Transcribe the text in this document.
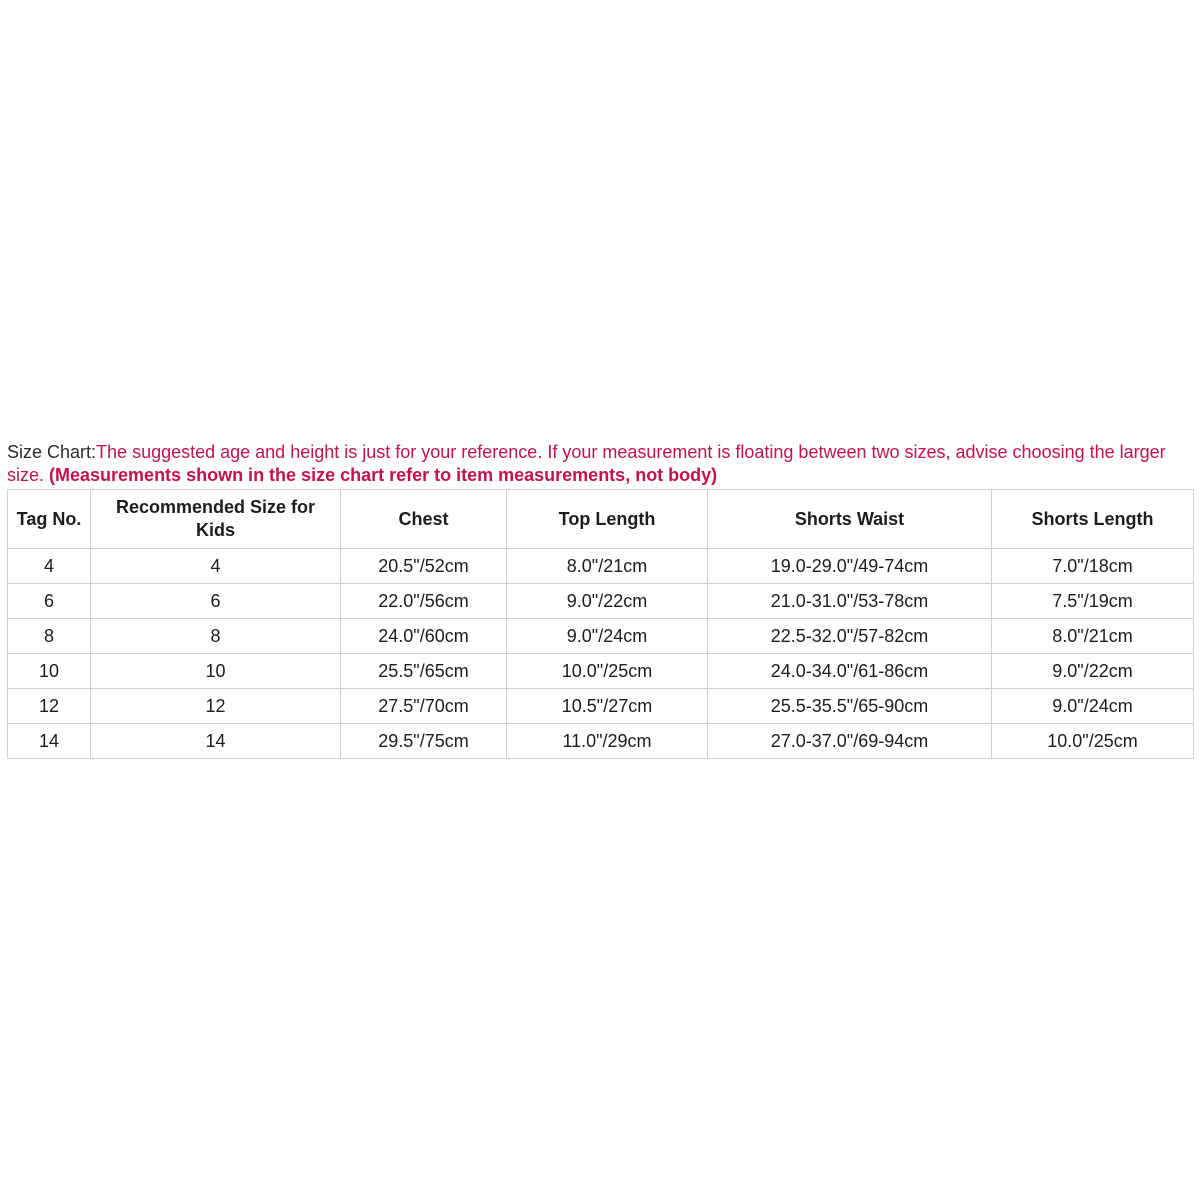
Size Chart:The suggested age and height is just for your reference. If your measurement is floating between two sizes, advise choosing the larger size. (Measurements shown in the size chart refer to item measurements, not body)

Tag No.	Recommended Size for Kids	Chest	Top Length	Shorts Waist	Shorts Length
4	4	20.5"/52cm	8.0"/21cm	19.0-29.0"/49-74cm	7.0"/18cm
6	6	22.0"/56cm	9.0"/22cm	21.0-31.0"/53-78cm	7.5"/19cm
8	8	24.0"/60cm	9.0"/24cm	22.5-32.0"/57-82cm	8.0"/21cm
10	10	25.5"/65cm	10.0"/25cm	24.0-34.0"/61-86cm	9.0"/22cm
12	12	27.5"/70cm	10.5"/27cm	25.5-35.5"/65-90cm	9.0"/24cm
14	14	29.5"/75cm	11.0"/29cm	27.0-37.0"/69-94cm	10.0"/25cm
